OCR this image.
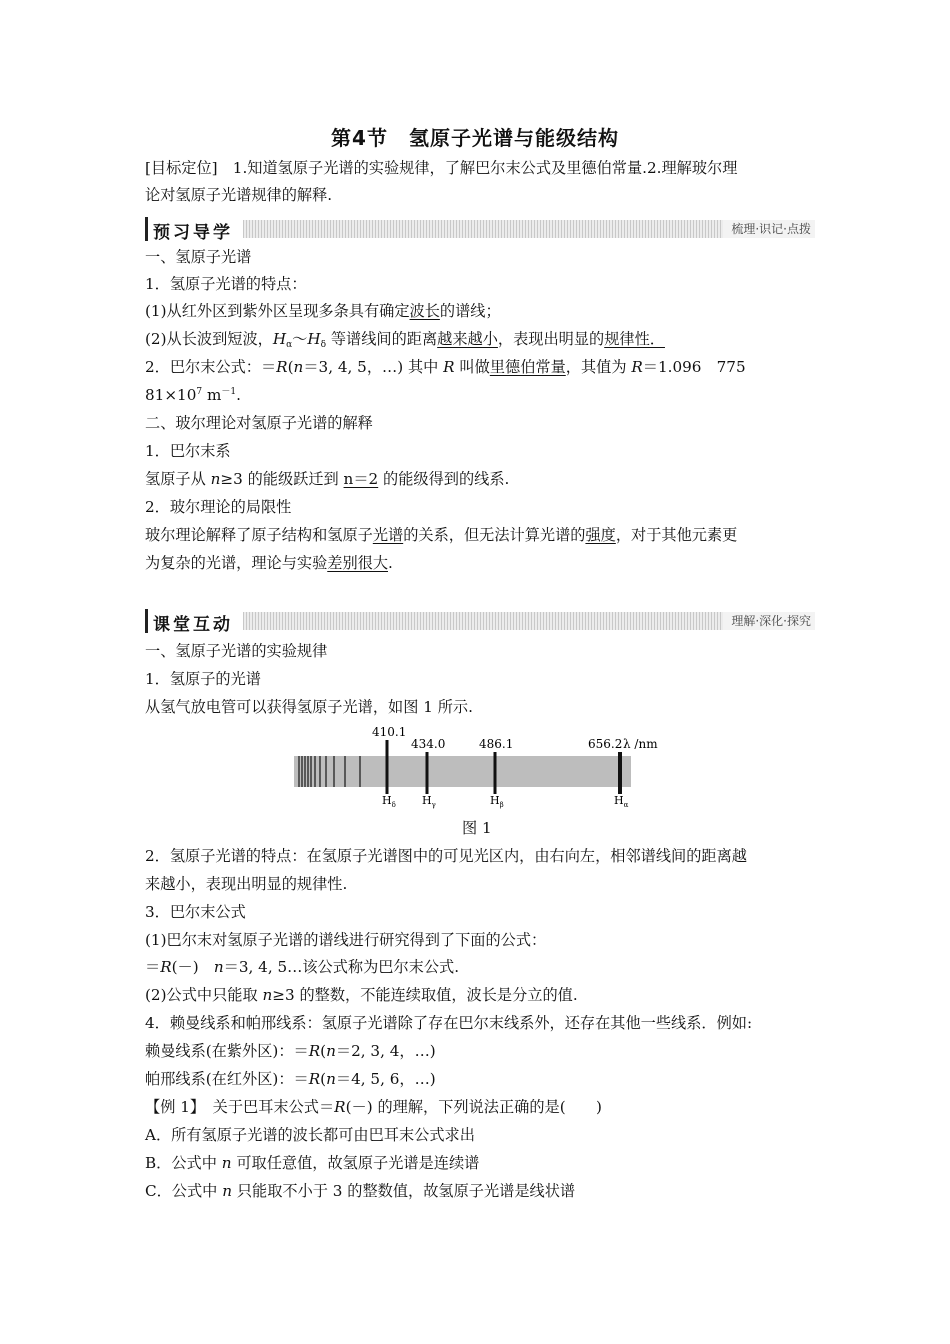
第4节　氢原子光谱与能级结构
[目标定位]　1.知道氢原子光谱的实验规律，了解巴尔末公式及里德伯常量.2.理解玻尔理
论对氢原子光谱规律的解释.
预习导学	梳理·识记·点拨
一、氢原子光谱
1．氢原子光谱的特点：
(1)从红外区到紫外区呈现多条具有确定波长的谱线；
(2)从长波到短波，$H_\alpha\sim H_\delta$ 等谱线间的距离越来越小，表现出明显的规律性．
2．巴尔末公式：＝R(n＝3, 4, 5，…) 其中 R 叫做里德伯常量，其值为 R＝1.096　775
$81\times 10^7$ $m^{-1}$.
二、玻尔理论对氢原子光谱的解释
1．巴尔末系
氢原子从 n≥3 的能级跃迁到 n＝2 的能级得到的线系.
2．玻尔理论的局限性
玻尔理论解释了原子结构和氢原子光谱的关系，但无法计算光谱的强度，对于其他元素更
为复杂的光谱，理论与实验差别很大.
课堂互动	理解·深化·探究
一、氢原子光谱的实验规律
1．氢原子的光谱
从氢气放电管可以获得氢原子光谱，如图 1 所示.
410.1
$H_\delta$
434.0
$H_\gamma$
486.1
$H_\beta$
656.2
$H_\alpha$
λ /nm
图 1
2．氢原子光谱的特点：在氢原子光谱图中的可见光区内，由右向左，相邻谱线间的距离越
来越小，表现出明显的规律性.
3．巴尔末公式
(1)巴尔末对氢原子光谱的谱线进行研究得到了下面的公式：
＝R(－)　n＝3, 4, 5…该公式称为巴尔末公式.
(2)公式中只能取 n≥3 的整数，不能连续取值，波长是分立的值.
4．赖曼线系和帕邢线系：氢原子光谱除了存在巴尔末线系外，还存在其他一些线系．例如:
赖曼线系(在紫外区)：＝R(n＝2, 3, 4，…)
帕邢线系(在红外区)：＝R(n＝4, 5, 6，…)
【例 1】　关于巴耳末公式＝R(－) 的理解，下列说法正确的是(　　)
A．所有氢原子光谱的波长都可由巴耳末公式求出
B．公式中 n 可取任意值，故氢原子光谱是连续谱
C．公式中 n 只能取不小于 3 的整数值，故氢原子光谱是线状谱
